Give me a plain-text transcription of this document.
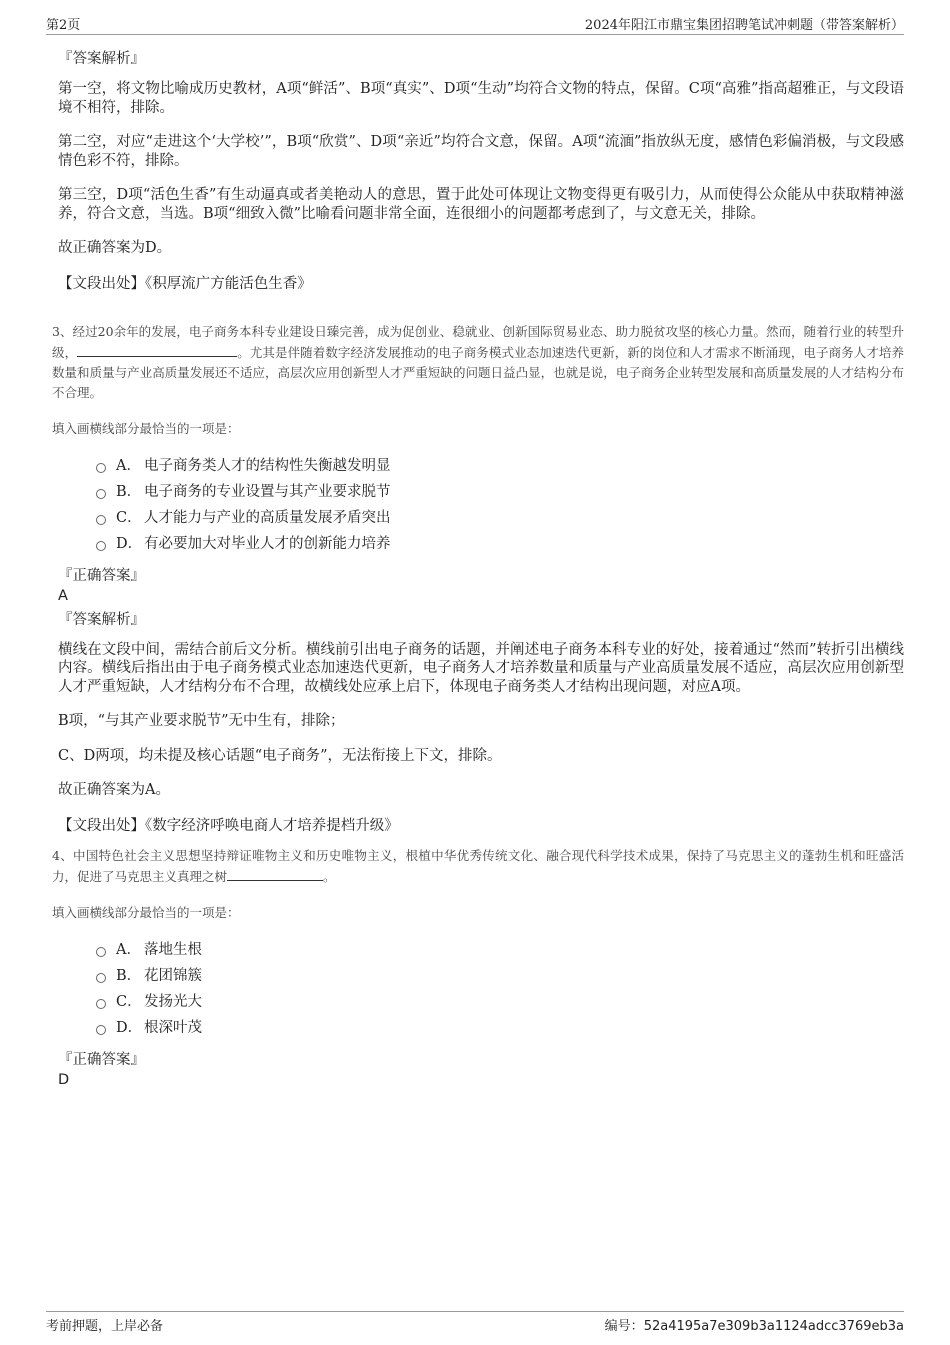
第2页	2024年阳江市鼎宝集团招聘笔试冲刺题（带答案解析）
『答案解析』

第一空，将文物比喻成历史教材，A项“鲜活”、B项“真实”、D项“生动”均符合文物的特点，保留。C项“高雅”指高超雅正，与文段语境不相符，排除。

第二空，对应“走进这个‘大学校’”，B项“欣赏”、D项“亲近”均符合文意，保留。A项“流湎”指放纵无度，感情色彩偏消极，与文段感情色彩不符，排除。

第三空，D项“活色生香”有生动逼真或者美艳动人的意思，置于此处可体现让文物变得更有吸引力，从而使得公众能从中获取精神滋养，符合文意，当选。B项“细致入微”比喻看问题非常全面，连很细小的问题都考虑到了，与文意无关，排除。

故正确答案为D。

【文段出处】《积厚流广方能活色生香》
3、经过20余年的发展，电子商务本科专业建设日臻完善，成为促创业、稳就业、创新国际贸易业态、助力脱贫攻坚的核心力量。然而，随着行业的转型升级，	。尤其是伴随着数字经济发展推动的电子商务模式业态加速迭代更新，新的岗位和人才需求不断涌现，电子商务人才培养数量和质量与产业高质量发展还不适应，高层次应用创新型人才严重短缺的问题日益凸显，也就是说，电子商务企业转型发展和高质量发展的人才结构分布不合理。
填入画横线部分最恰当的一项是：
A． 电子商务类人才的结构性失衡越发明显
B． 电子商务的专业设置与其产业要求脱节
C． 人才能力与产业的高质量发展矛盾突出
D． 有必要加大对毕业人才的创新能力培养
『正确答案』
A
『答案解析』

横线在文段中间，需结合前后文分析。横线前引出电子商务的话题，并阐述电子商务本科专业的好处，接着通过“然而”转折引出横线内容。横线后指出由于电子商务模式业态加速迭代更新，电子商务人才培养数量和质量与产业高质量发展不适应，高层次应用创新型人才严重短缺，人才结构分布不合理，故横线处应承上启下，体现电子商务类人才结构出现问题，对应A项。

B项，“与其产业要求脱节”无中生有，排除；

C、D两项，均未提及核心话题“电子商务”，无法衔接上下文，排除。

故正确答案为A。

【文段出处】《数字经济呼唤电商人才培养提档升级》
4、中国特色社会主义思想坚持辩证唯物主义和历史唯物主义，根植中华优秀传统文化、融合现代科学技术成果，保持了马克思主义的蓬勃生机和旺盛活力，促进了马克思主义真理之树	。
填入画横线部分最恰当的一项是：
A． 落地生根
B． 花团锦簇
C． 发扬光大
D． 根深叶茂
『正确答案』
D
考前押题，上岸必备	编号：52a4195a7e309b3a1124adcc3769eb3a
